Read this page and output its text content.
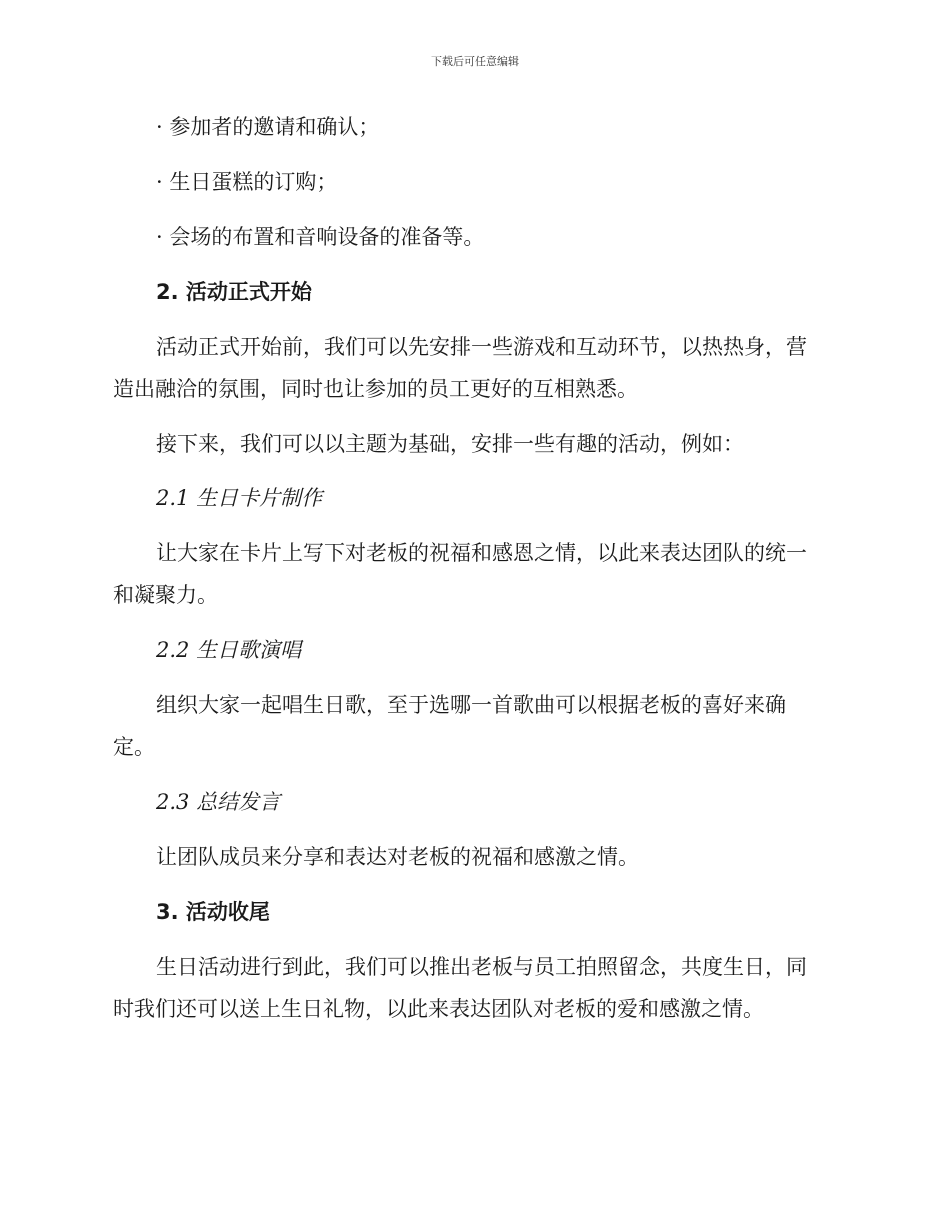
下载后可任意编辑
· 参加者的邀请和确认；
· 生日蛋糕的订购；
· 会场的布置和音响设备的准备等。
2. 活动正式开始
活动正式开始前，我们可以先安排一些游戏和互动环节，以热热身，营
造出融洽的氛围，同时也让参加的员工更好的互相熟悉。
接下来，我们可以以主题为基础，安排一些有趣的活动，例如：
2.1 生日卡片制作
让大家在卡片上写下对老板的祝福和感恩之情，以此来表达团队的统一
和凝聚力。
2.2 生日歌演唱
组织大家一起唱生日歌，至于选哪一首歌曲可以根据老板的喜好来确
定。
2.3 总结发言
让团队成员来分享和表达对老板的祝福和感激之情。
3. 活动收尾
生日活动进行到此，我们可以推出老板与员工拍照留念，共度生日，同
时我们还可以送上生日礼物，以此来表达团队对老板的爱和感激之情。
